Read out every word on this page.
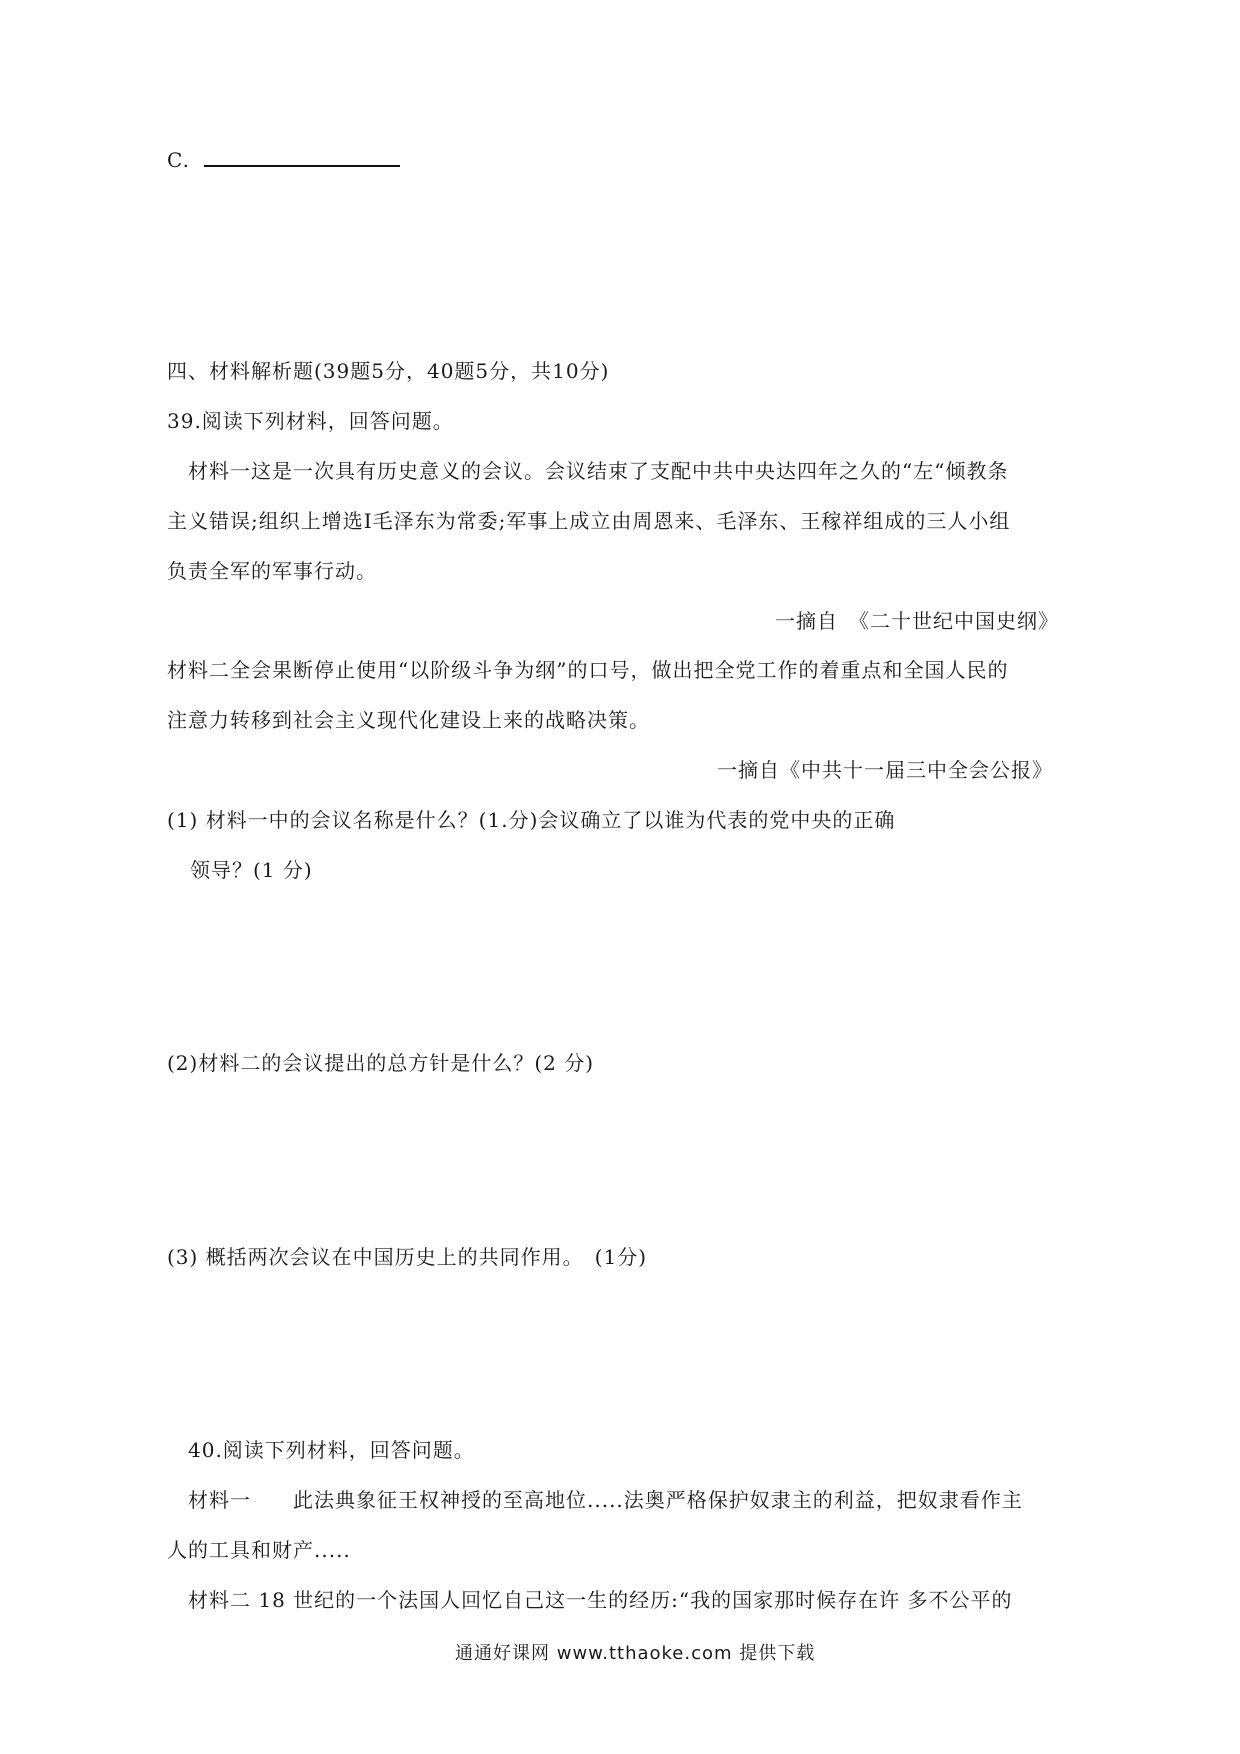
C.
四、材料解析题(39题5分，40题5分，共10分)
39.阅读下列材料，回答问题。
材料一这是一次具有历史意义的会议。会议结束了支配中共中央达四年之久的“左“倾教条
主义错误;组织上增选I毛泽东为常委;军事上成立由周恩来、毛泽东、王稼祥组成的三人小组
负责全军的军事行动。
一摘自　《二十世纪中国史纲》
材料二全会果断停止使用“以阶级斗争为纲”的口号，做出把全党工作的着重点和全国人民的
注意力转移到社会主义现代化建设上来的战略决策。
一摘自《中共十一届三中全会公报》
(1) 材料一中的会议名称是什么？(1.分)会议确立了以谁为代表的党中央的正确
领导？(1 分)
(2)材料二的会议提出的总方针是什么？(2 分)
(3) 概括两次会议在中国历史上的共同作用。　(1分)
40.阅读下列材料，回答问题。
材料一　　此法典象征王权神授的至高地位.....法奥严格保护奴隶主的利益，把奴隶看作主
人的工具和财产.....
材料二 18 世纪的一个法国人回忆自己这一生的经历:“我的国家那时候存在许 多不公平的
通通好课网 www.tthaoke.com 提供下载
